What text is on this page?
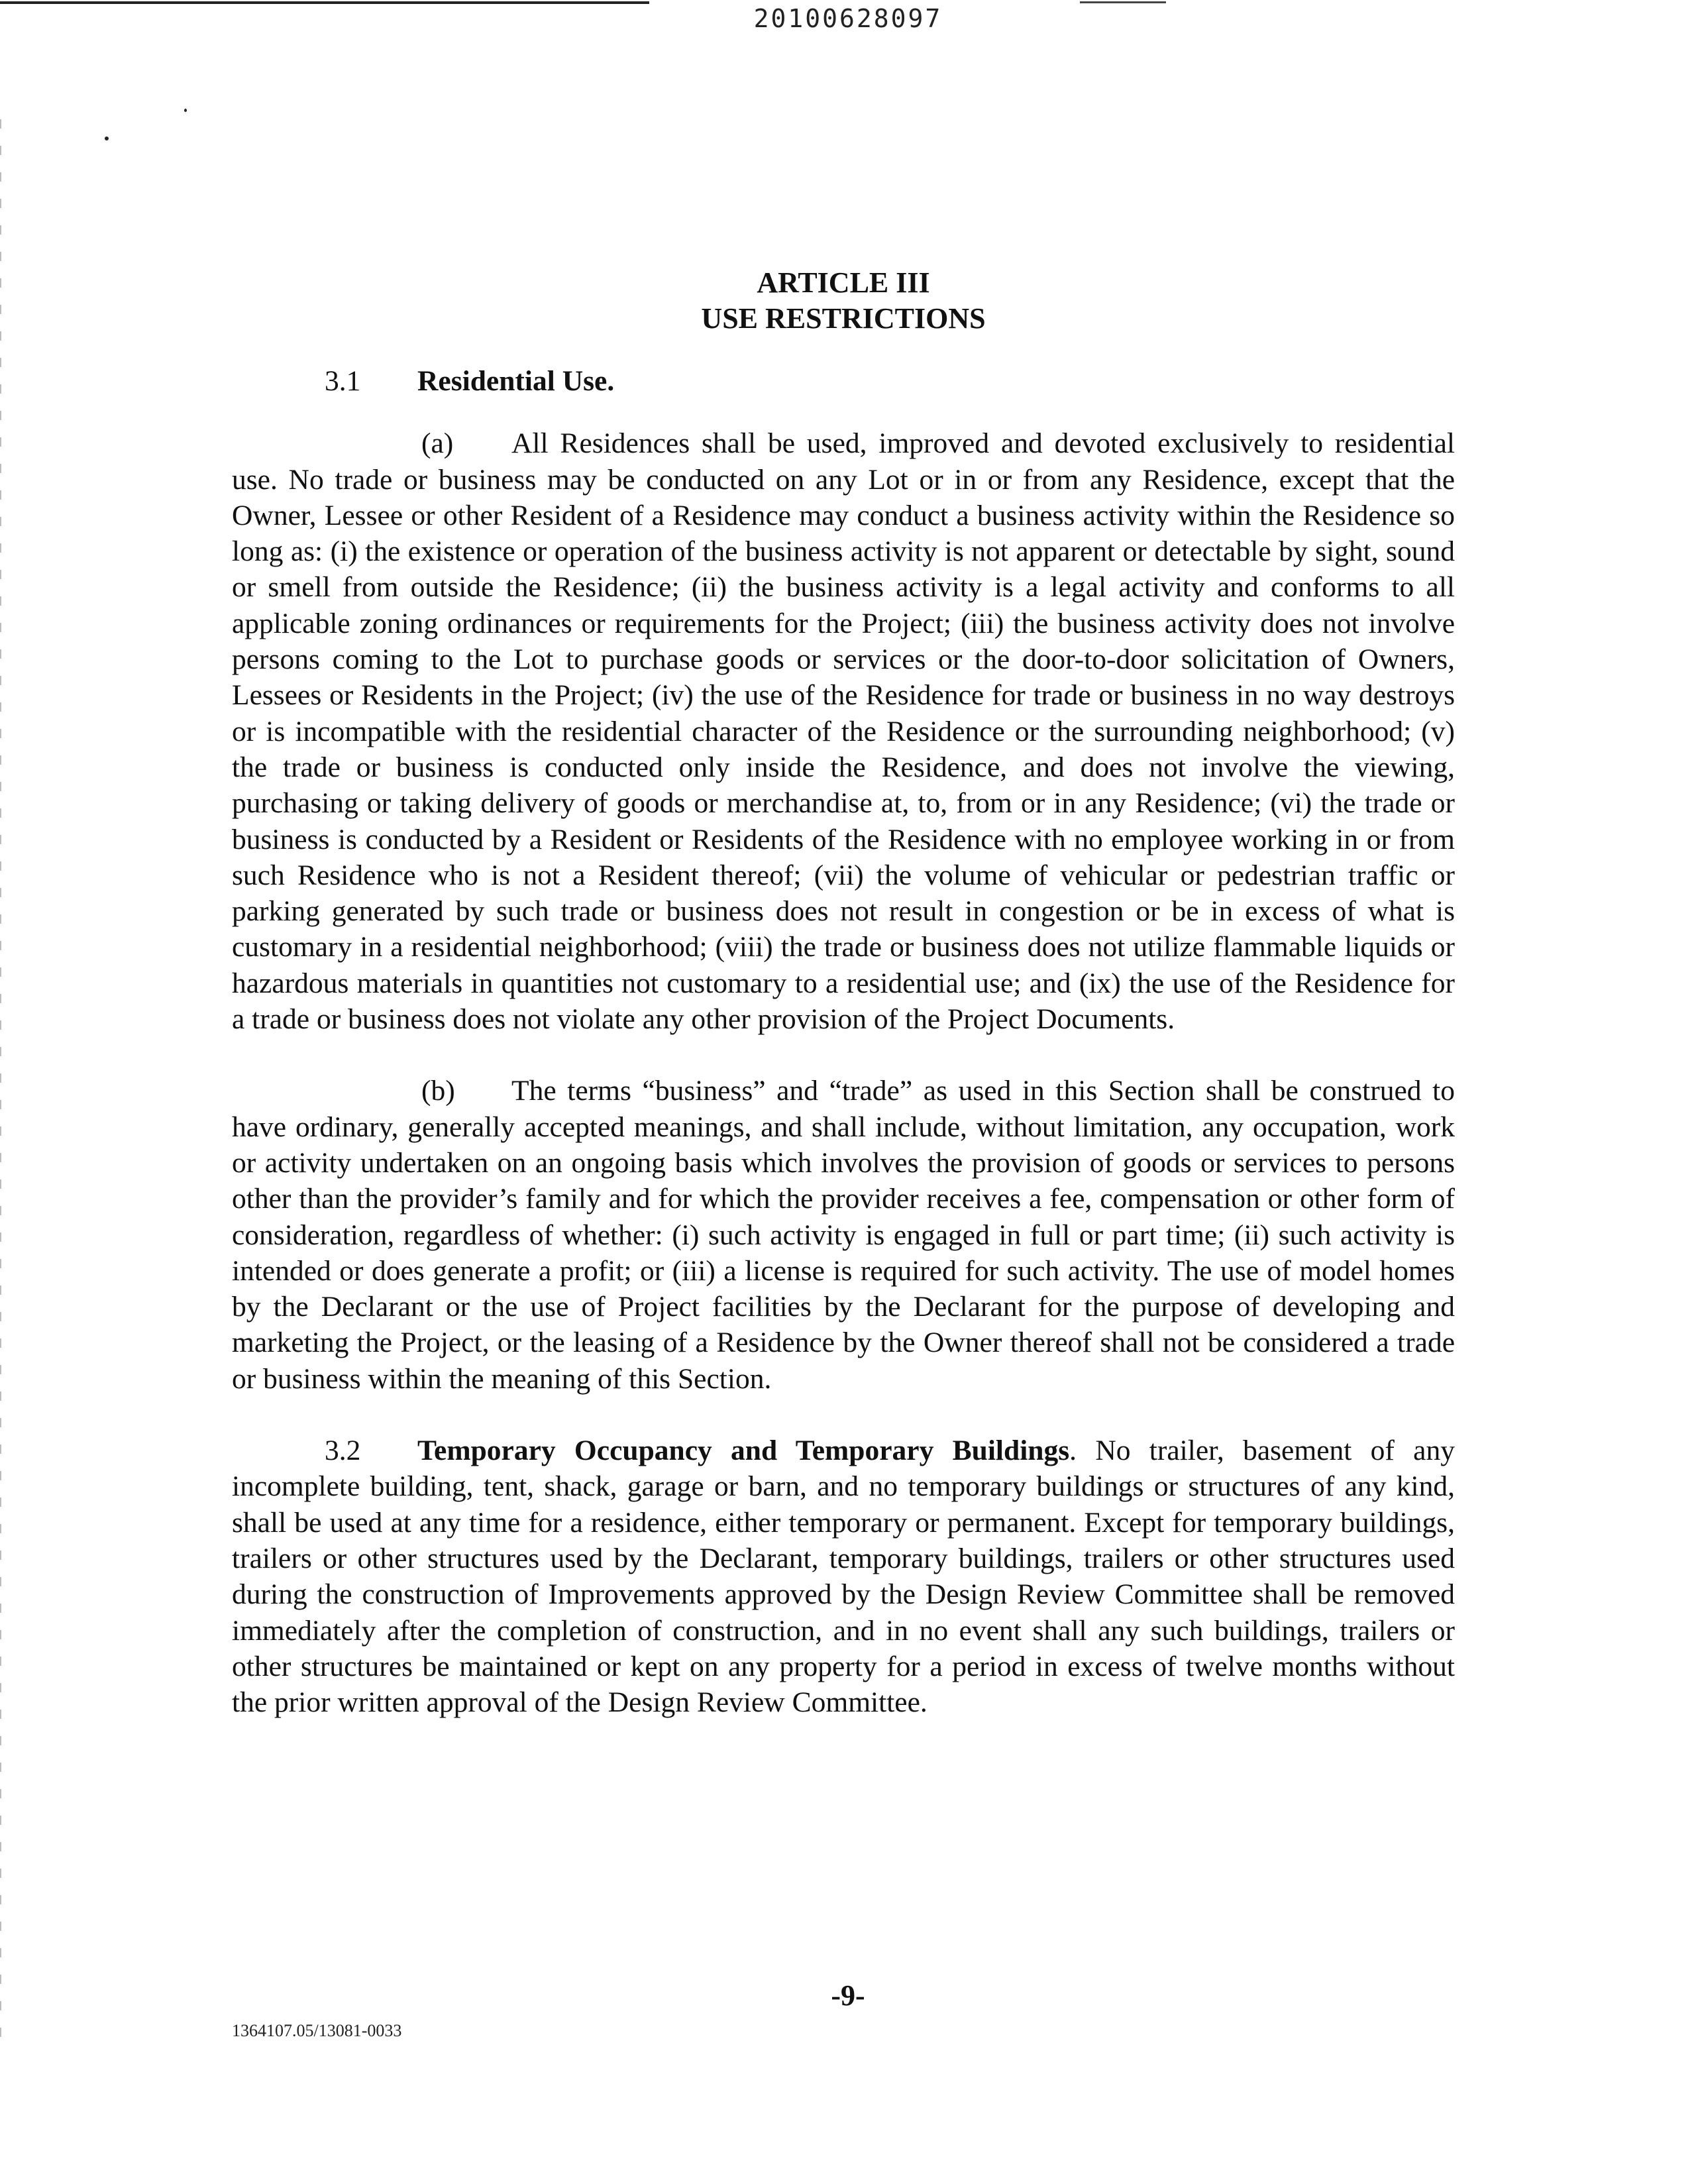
20100628097
ARTICLE III
USE RESTRICTIONS
3.1 Residential Use.

(a) All Residences shall be used, improved and devoted exclusively to residential use. No trade or business may be conducted on any Lot or in or from any Residence, except that the Owner, Lessee or other Resident of a Residence may conduct a business activity within the Residence so long as: (i) the existence or operation of the business activity is not apparent or detectable by sight, sound or smell from outside the Residence; (ii) the business activity is a legal activity and conforms to all applicable zoning ordinances or requirements for the Project; (iii) the business activity does not involve persons coming to the Lot to purchase goods or services or the door-to-door solicitation of Owners, Lessees or Residents in the Project; (iv) the use of the Residence for trade or business in no way destroys or is incompatible with the residential character of the Residence or the surrounding neighborhood; (v) the trade or business is conducted only inside the Residence, and does not involve the viewing, purchasing or taking delivery of goods or merchandise at, to, from or in any Residence; (vi) the trade or business is conducted by a Resident or Residents of the Residence with no employee working in or from such Residence who is not a Resident thereof; (vii) the volume of vehicular or pedestrian traffic or parking generated by such trade or business does not result in congestion or be in excess of what is customary in a residential neighborhood; (viii) the trade or business does not utilize flammable liquids or hazardous materials in quantities not customary to a residential use; and (ix) the use of the Residence for a trade or business does not violate any other provision of the Project Documents.

(b) The terms “business” and “trade” as used in this Section shall be construed to have ordinary, generally accepted meanings, and shall include, without limitation, any occupation, work or activity undertaken on an ongoing basis which involves the provision of goods or services to persons other than the provider’s family and for which the provider receives a fee, compensation or other form of consideration, regardless of whether: (i) such activity is engaged in full or part time; (ii) such activity is intended or does generate a profit; or (iii) a license is required for such activity. The use of model homes by the Declarant or the use of Project facilities by the Declarant for the purpose of developing and marketing the Project, or the leasing of a Residence by the Owner thereof shall not be considered a trade or business within the meaning of this Section.

3.2 Temporary Occupancy and Temporary Buildings. No trailer, basement of any incomplete building, tent, shack, garage or barn, and no temporary buildings or structures of any kind, shall be used at any time for a residence, either temporary or permanent. Except for temporary buildings, trailers or other structures used by the Declarant, temporary buildings, trailers or other structures used during the construction of Improvements approved by the Design Review Committee shall be removed immediately after the completion of construction, and in no event shall any such buildings, trailers or other structures be maintained or kept on any property for a period in excess of twelve months without the prior written approval of the Design Review Committee.

-9-
1364107.05/13081-0033
